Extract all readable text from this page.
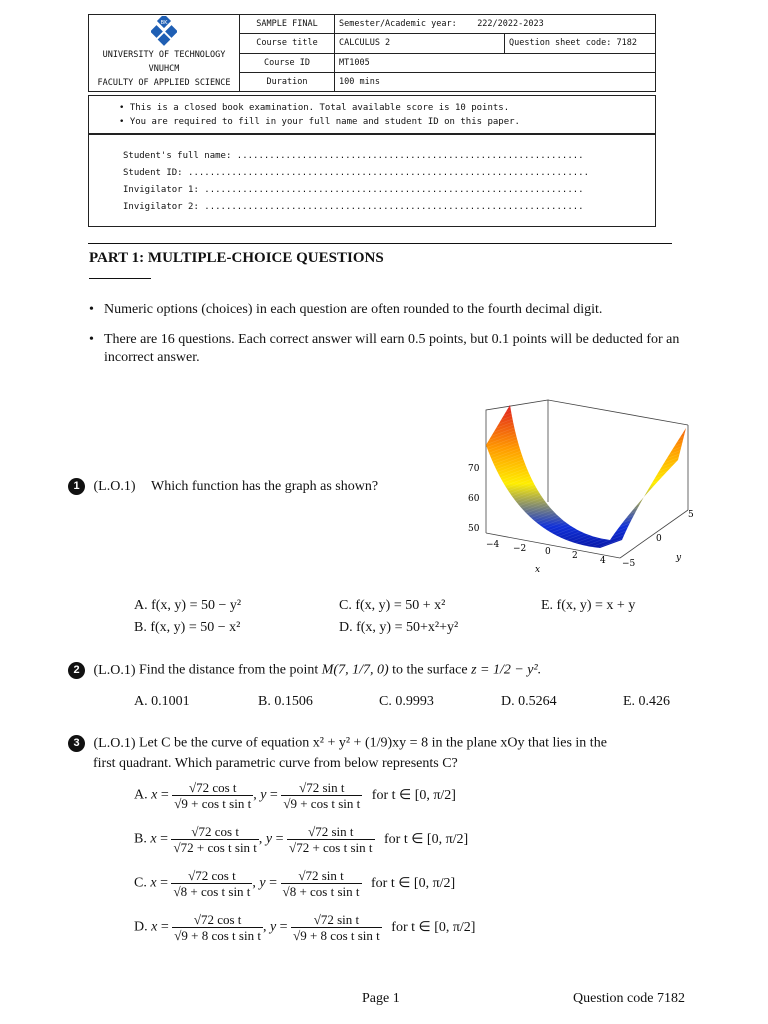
BK
UNIVERSITY OF TECHNOLOGY
VNUHCM
FACULTY OF APPLIED SCIENCE	SAMPLE FINAL	Semester/Academic year: 222/2022-2023	
	Course title	CALCULUS 2	Question sheet code: 7182
	Course ID	MT1005	
	Duration	100 mins	
• This is a closed book examination. Total available score is 10 points.
• You are required to fill in your full name and student ID on this paper.
Student's full name: ................................................................
Student ID: ..........................................................................
Invigilator 1: ......................................................................
Invigilator 2: ......................................................................
PART 1: MULTIPLE-CHOICE QUESTIONS
• Numeric options (choices) in each question are often rounded to the fourth decimal digit.
• There are 16 questions. Each correct answer will earn 0.5 points, but 0.1 points will be deducted for an incorrect answer.
1 (L.O.1) Which function has the graph as shown?
70
60
50
−4 −2 0 2 4
x
5
0
−5
y
A. f(x, y) = 50 − y²
B. f(x, y) = 50 − x²
C. f(x, y) = 50 + x²
D. f(x, y) = 50+x²+y²
E. f(x, y) = x + y
2 (L.O.1) Find the distance from the point M(7, 1/7, 0) to the surface z = 1/2 − y².
A. 0.1001	B. 0.1506	C. 0.9993	D. 0.5264	E. 0.426
3 (L.O.1) Let C be the curve of equation x² + y² + (1/9)xy = 8 in the plane xOy that lies in the
first quadrant. Which parametric curve from below represents C?
A. $x = \frac{\text{√72 cos t}}{\text{√9 + cos t sin t}}$ , $y = \frac{\text{√72 sin t}}{\text{√9 + cos t sin t}}$ for t ∈ [0, π/2]
B. $x = \frac{\text{√72 cos t}}{\text{√72 + cos t sin t}}$ , $y = \frac{\text{√72 sin t}}{\text{√72 + cos t sin t}}$ for t ∈ [0, π/2]
C. $x = \frac{\text{√72 cos t}}{\text{√8 + cos t sin t}}$ , $y = \frac{\text{√72 sin t}}{\text{√8 + cos t sin t}}$ for t ∈ [0, π/2]
D. $x = \frac{\text{√72 cos t}}{\text{√9 + 8 cos t sin t}}$ , $y = \frac{\text{√72 sin t}}{\text{√9 + 8 cos t sin t}}$ for t ∈ [0, π/2]
Page 1	Question code 7182
